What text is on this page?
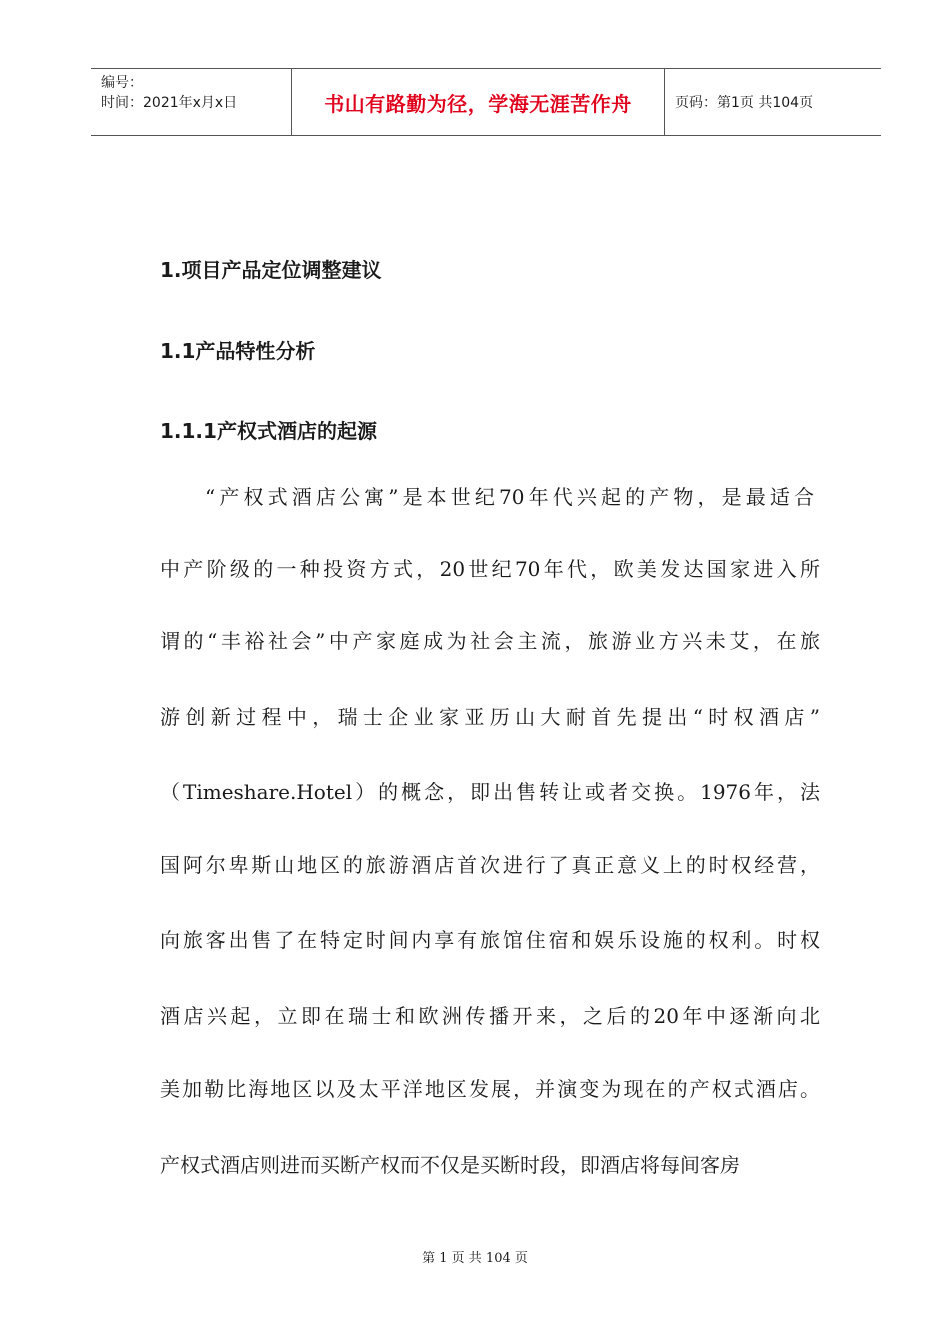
编号：
时间：2021年x月x日	书山有路勤为径，学海无涯苦作舟	页码：第1页 共104页
1.项目产品定位调整建议
1.1产品特性分析
1.1.1产权式酒店的起源
“产权式酒店公寓”是本世纪70年代兴起的产物，是最适合
中产阶级的一种投资方式，20世纪70年代，欧美发达国家进入所
谓的“丰裕社会”中产家庭成为社会主流，旅游业方兴未艾，在旅
游创新过程中，瑞士企业家亚历山大耐首先提出“时权酒店”
（Timeshare.Hotel）的概念，即出售转让或者交换。1976年，法
国阿尔卑斯山地区的旅游酒店首次进行了真正意义上的时权经营，
向旅客出售了在特定时间内享有旅馆住宿和娱乐设施的权利。时权
酒店兴起，立即在瑞士和欧洲传播开来，之后的20年中逐渐向北
美加勒比海地区以及太平洋地区发展，并演变为现在的产权式酒店。
产权式酒店则进而买断产权而不仅是买断时段，即酒店将每间客房
第 1 页 共 104 页
